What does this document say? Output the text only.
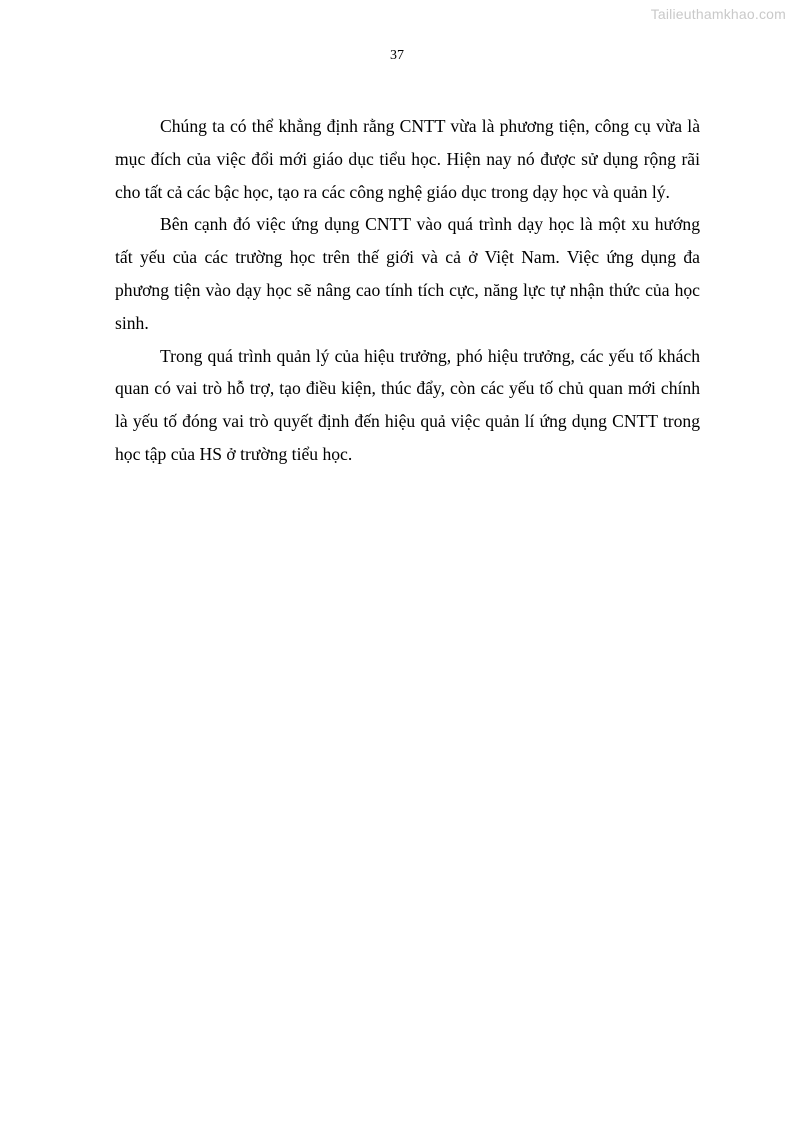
Tailieuthamkhao.com
37

Chúng ta có thể khẳng định rằng CNTT vừa là phương tiện, công cụ vừa là mục đích của việc đổi mới giáo dục tiểu học. Hiện nay nó được sử dụng rộng rãi cho tất cả các bậc học, tạo ra các công nghệ giáo dục trong dạy học và quản lý.

Bên cạnh đó việc ứng dụng CNTT vào quá trình dạy học là một xu hướng tất yếu của các trường học trên thế giới và cả ở Việt Nam. Việc ứng dụng đa phương tiện vào dạy học sẽ nâng cao tính tích cực, năng lực tự nhận thức của học sinh.

Trong quá trình quản lý của hiệu trưởng, phó hiệu trưởng, các yếu tố khách quan có vai trò hỗ trợ, tạo điều kiện, thúc đẩy, còn các yếu tố chủ quan mới chính là yếu tố đóng vai trò quyết định đến hiệu quả việc quản lí ứng dụng CNTT trong học tập của HS ở trường tiểu học.
